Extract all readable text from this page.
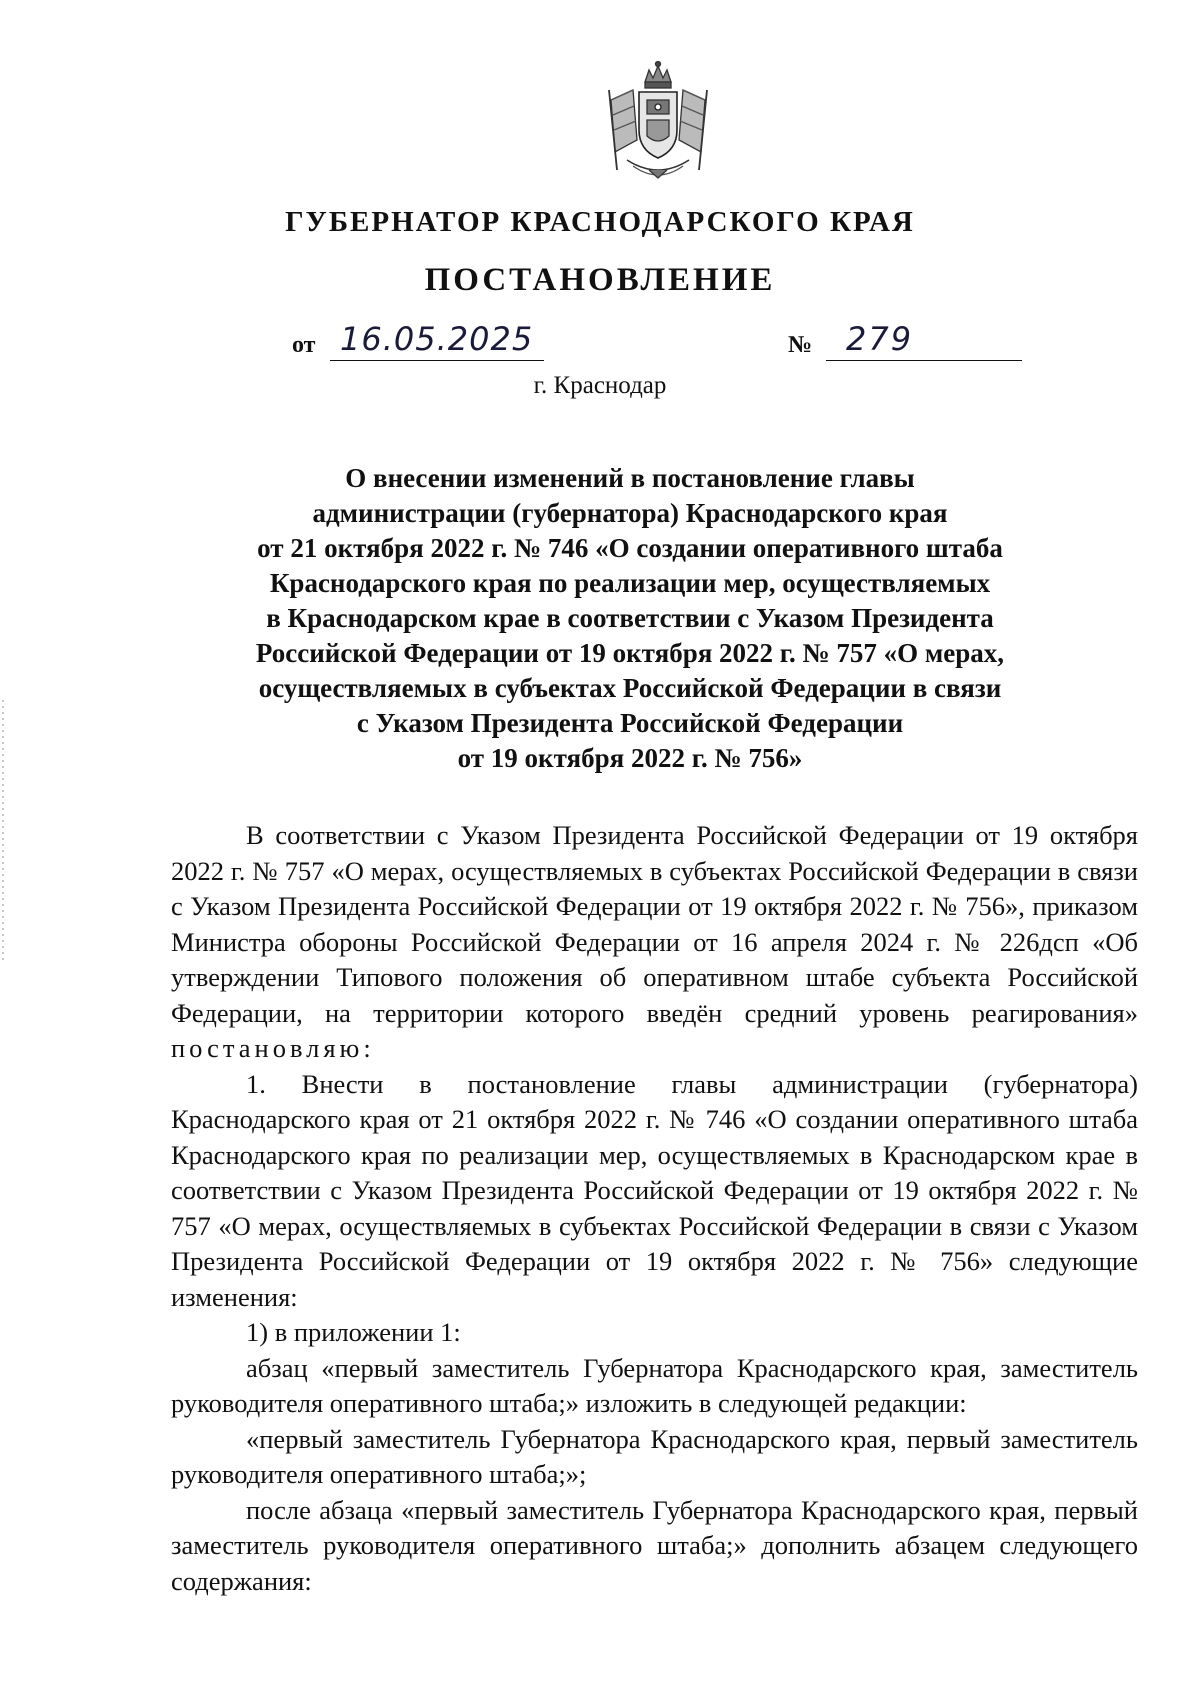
ГУБЕРНАТОР КРАСНОДАРСКОГО КРАЯ
ПОСТАНОВЛЕНИЕ
от 16.05.2025	№ 279
г. Краснодар
О внесении изменений в постановление главы
администрации (губернатора) Краснодарского края
от 21 октября 2022 г. № 746 «О создании оперативного штаба
Краснодарского края по реализации мер, осуществляемых
в Краснодарском крае в соответствии с Указом Президента
Российской Федерации от 19 октября 2022 г. № 757 «О мерах,
осуществляемых в субъектах Российской Федерации в связи
с Указом Президента Российской Федерации
от 19 октября 2022 г. № 756»

В соответствии с Указом Президента Российской Федерации от 19 октября 2022 г. № 757 «О мерах, осуществляемых в субъектах Российской Федерации в связи с Указом Президента Российской Федерации от 19 октября 2022 г. № 756», приказом Министра обороны Российской Федерации от 16 апреля 2024 г. № 226дсп «Об утверждении Типового положения об оперативном штабе субъекта Российской Федерации, на территории которого введён средний уровень реагирования» постановляю:

1. Внести в постановление главы администрации (губернатора) Краснодарского края от 21 октября 2022 г. № 746 «О создании оперативного штаба Краснодарского края по реализации мер, осуществляемых в Краснодарском крае в соответствии с Указом Президента Российской Федерации от 19 октября 2022 г. № 757 «О мерах, осуществляемых в субъектах Российской Федерации в связи с Указом Президента Российской Федерации от 19 октября 2022 г. № 756» следующие изменения:

1) в приложении 1:

абзац «первый заместитель Губернатора Краснодарского края, заместитель руководителя оперативного штаба;» изложить в следующей редакции:

«первый заместитель Губернатора Краснодарского края, первый заместитель руководителя оперативного штаба;»;

после абзаца «первый заместитель Губернатора Краснодарского края, первый заместитель руководителя оперативного штаба;» дополнить абзацем следующего содержания:
